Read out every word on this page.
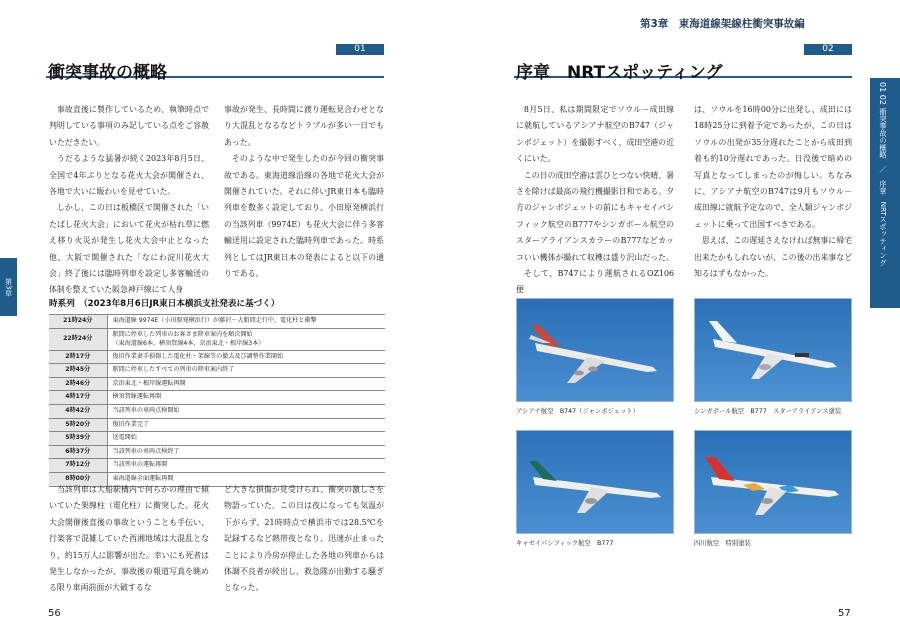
第3章　東海道線架線柱衝突事故編
01
衝突事故の概略

事故直後に製作しているため、執筆時点で判明している事項のみ記している点をご容赦いただきたい。

うだるような猛暑が続く2023年8月5日、全国で4年ぶりとなる花火大会が開催され、各地で大いに賑わいを見せていた。

しかし、この日は板橋区で開催された「いたばし花火大会」において花火が枯れ草に燃え移り火災が発生し花火大会中止となった他、大阪で開催された「なにわ淀川花火大会」終了後には臨時列車を設定し多客輸送の体制を整えていた阪急神戸線にて人身

事故が発生、長時間に渡り運転見合わせとなり大混乱となるなどトラブルが多い一日でもあった。

そのような中で発生したのが今回の衝突事故である。東海道線沿線の各地で花火大会が開催されていた。それに伴いJR東日本も臨時列車を数多く設定しており、小田原発横浜行の当該列車（9974E）も花火大会に伴う多客輸送用に設定された臨時列車であった。時系列としてはJR東日本の発表によると以下の通りである。

時系列　（2023年8月6日JR東日本横浜支社発表に基づく）
21時24分	東海道線 9974E（小田原発横浜行）が藤沢－大船間走行中、電化柱と衝撃
22時24分	駅間に停車した列車のお客さま降車案内を順次開始
（東海道線6本、横須賀線4本、京浜東北・根岸線3本）

2時17分	復旧作業妻手損傷した電化柱・架線等の撤去及び調整作業開始
2時45分	駅間に停車したすべての列車の降車案内終了
2時46分	京浜東北・根岸線運転再開
4時17分	横須賀線運転再開
4時42分	当該列車の車両点検開始
5時20分	復旧作業完了
5時39分	送電開始
6時37分	当該列車の車両点検終了
7時12分	当該列車の運転再開
8時00分	東海道線全面運転再開

当該列車は大船駅構内で何らかの理由で傾いていた架線柱（電化柱）に衝突した。花火大会開催後直後の事故ということも手伝い、行楽客で混雑していた西湘地域は大混乱となり、約15万人に影響が出た。幸いにも死者は発生しなかったが、事故後の報道写真を眺める限り車両前面が大破するな

ど大きな損傷が見受けられ、衝突の激しさを物語っていた。この日は夜になっても気温が下がらず、21時時点で横浜市では28.5℃を記録するなど熱帯夜となり、迅速が止まったことにより冷房が停止した各地の列車からは体調不良者が続出し、救急隊が出動する騒ぎとなった。

56
第3章
02
序章　NRTスポッティング

8月5日、私は期間限定でソウル－成田線に就航しているアシアナ航空のB747（ジャンボジェット）を撮影すべく、成田空港の近くにいた。

この日の成田空港は雲ひとつない快晴、暑さを除けば最高の飛行機撮影日和である。夕方のジャンボジェットの前にもキャセイパシフィック航空のB777やシンガポール航空のスターアライアンスカラーのB777などカッコいい機体が撮れて収穫は盛り沢山だった。

そして、B747により運航されるOZ106便

は、ソウルを16時00分に出発し、成田には18時25分に到着予定であったが、この日はソウルの出発が35分遅れたことから成田到着も約10分遅れであった。日没後で暗めの写真となってしまったのが悔しい。ちなみに、アシアナ航空のB747は9月もソウル－成田線に就航予定なので、全人類ジャンボジェットに乗って出国すべきである。

思えば、この遅延さえなければ無事に帰宅出来たかもしれないが、この後の出来事など知るはずもなかった。

アシアナ航空　B747（ジャンボジェット）	シンガポール航空　B777　スターアライアンス塗装
キャセイパシフィック航空　B777	四川航空　特別塗装
57
01 02
衝突事故の概略　／　序章　NRTスポッティング
